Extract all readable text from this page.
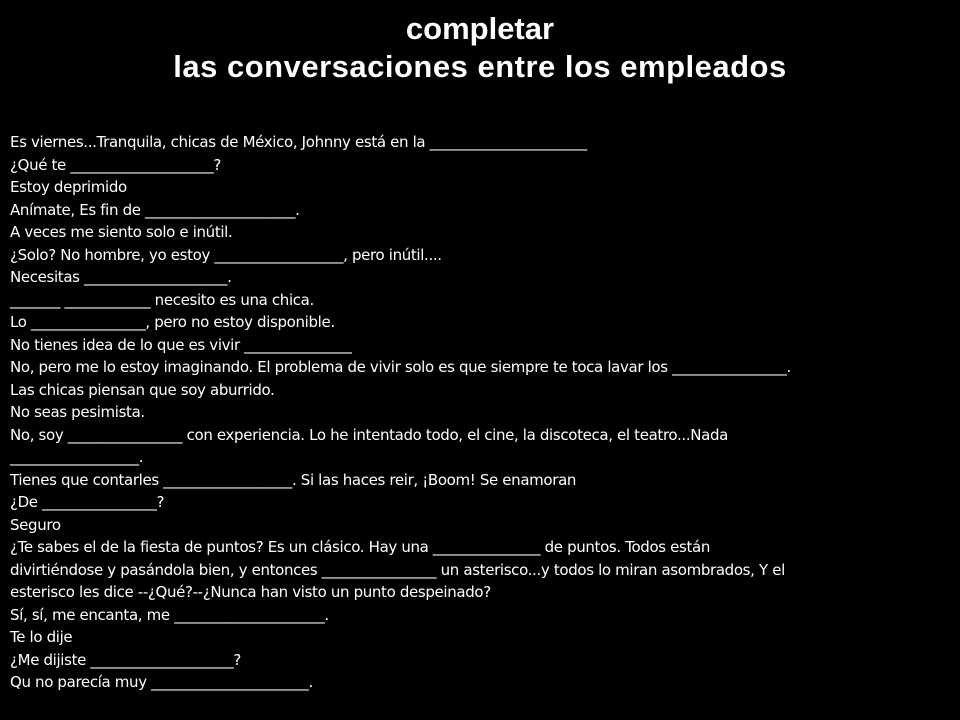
completar
las conversaciones entre los empleados
Es viernes...Tranquila, chicas de México, Johnny está en la ______________________
¿Qué te ____________________?
Estoy deprimido
Anímate, Es fin de _____________________.
A veces me siento solo e inútil.
¿Solo? No hombre, yo estoy __________________, pero inútil....
Necesitas ____________________.
_______ ____________ necesito es una chica.
Lo ________________, pero no estoy disponible.
No tienes idea de lo que es vivir _______________
No, pero me lo estoy imaginando. El problema de vivir solo es que siempre te toca lavar los ________________.
Las chicas piensan que soy aburrido.
No seas pesimista.
No, soy ________________ con experiencia. Lo he intentado todo, el cine, la discoteca, el teatro...Nada
__________________.
Tienes que contarles __________________. Si las haces reir, ¡Boom! Se enamoran
¿De ________________?
Seguro
¿Te sabes el de la fiesta de puntos? Es un clásico. Hay una _______________ de puntos. Todos están
divirtiéndose y pasándola bien, y entonces ________________ un asterisco...y todos lo miran asombrados, Y el
esterisco les dice --¿Qué?--¿Nunca han visto un punto despeinado?
Sí, sí, me encanta, me _____________________.
Te lo dije
¿Me dijiste ____________________?
Qu no parecía muy ______________________.
